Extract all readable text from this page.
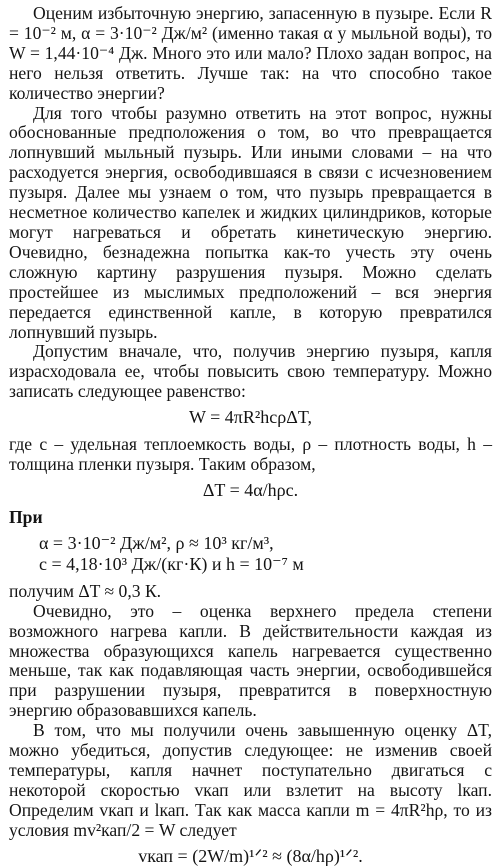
Оценим избыточную энергию, запасенную в пузыре. Если R = 10⁻² м, α = 3·10⁻² Дж/м² (именно такая α у мыльной воды), то W = 1,44·10⁻⁴ Дж. Много это или мало? Плохо задан вопрос, на него нельзя ответить. Лучше так: на что способно такое количество энергии?

Для того чтобы разумно ответить на этот вопрос, нужны обоснованные предположения о том, во что превращается лопнувший мыльный пузырь. Или иными словами – на что расходуется энергия, освободившаяся в связи с исчезновением пузыря. Далее мы узнаем о том, что пузырь превращается в несметное количество капелек и жидких цилиндриков, которые могут нагреваться и обретать кинетическую энергию. Очевидно, безнадежна попытка как-то учесть эту очень сложную картину разрушения пузыря. Можно сделать простейшее из мыслимых предположений – вся энергия передается единственной капле, в которую превратился лопнувший пузырь.

Допустим вначале, что, получив энергию пузыря, капля израсходовала ее, чтобы повысить свою температуру. Можно записать следующее равенство:

W = 4πR²hcρΔT,

где c – удельная теплоемкость воды, ρ – плотность воды, h – толщина пленки пузыря. Таким образом,

ΔT = 4α/hρc.

При

α = 3·10⁻² Дж/м², ρ ≈ 10³ кг/м³,
c = 4,18·10³ Дж/(кг·К) и h = 10⁻⁷ м

получим ΔT ≈ 0,3 К.

Очевидно, это – оценка верхнего предела степени возможного нагрева капли. В действительности каждая из множества образующихся капель нагревается существенно меньше, так как подавляющая часть энергии, освободившейся при разрушении пузыря, превратится в поверхностную энергию образовавшихся капель.

В том, что мы получили очень завышенную оценку ΔT, можно убедиться, допустив следующее: не изменив своей температуры, капля начнет поступательно двигаться с некоторой скоростью vкап или взлетит на высоту lкап. Определим vкап и lкап. Так как масса капли m = 4πR²hρ, то из условия mv²кап/2 = W следует

vкап = (2W/m)¹ᐟ² ≈ (8α/hρ)¹ᐟ².
